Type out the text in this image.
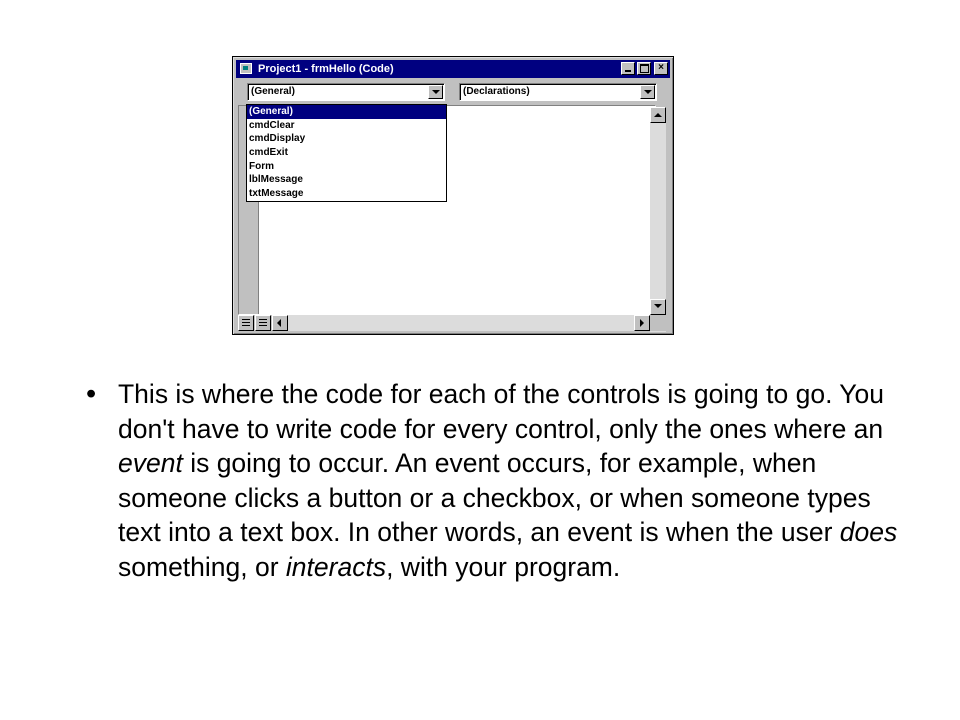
Project1 - frmHello (Code)	×
(General)	(Declarations)
(General)
cmdClear
cmdDisplay
cmdExit
Form
lblMessage
txtMessage
• This is where the code for each of the controls is going to go. You don't have to write code for every control, only the ones where an event is going to occur. An event occurs, for example, when someone clicks a button or a checkbox, or when someone types text into a text box. In other words, an event is when the user does something, or interacts, with your program.
